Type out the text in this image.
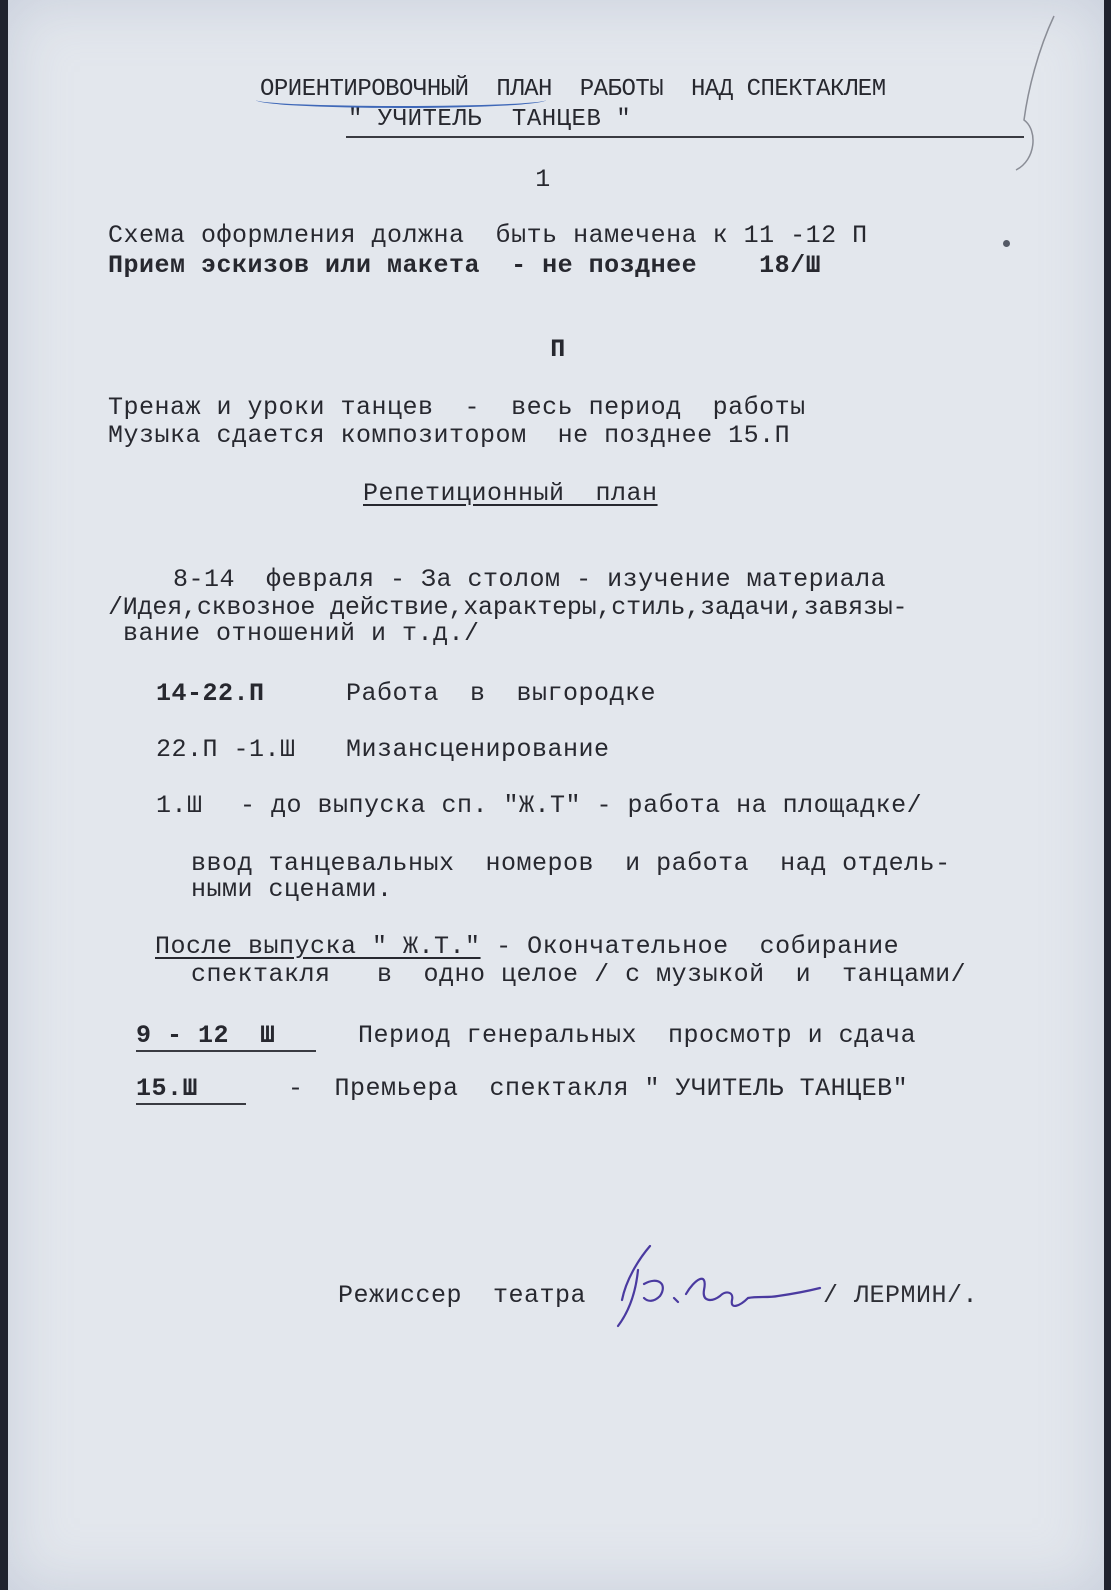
ОРИЕНТИРОВОЧНЫЙ  ПЛАН  РАБОТЫ  НАД СПЕКТАКЛЕМ
" УЧИТЕЛЬ  ТАНЦЕВ "
1
Схема оформления должна  быть намечена к 11 -12 П
Прием эскизов или макета  - не позднее    18/Ш
П
Тренаж и уроки танцев  -  весь период  работы
Музыка сдается композитором  не позднее 15.П
Репетиционный  план
8-14  февраля - За столом - изучение материала
/Идея,сквозное действие,характеры,стиль,задачи,завязы-
вание отношений и т.д./
14-22.П	Работа  в  выгородке
22.П -1.Ш Мизансценирование
1.Ш - до выпуска сп. "Ж.Т" - работа на площадке/
ввод танцевальных  номеров  и работа  над отдель-
ными сценами.
После выпуска " Ж.Т." - Окончательное  собирание
спектакля   в  одно целое / с музыкой  и  танцами/
9 - 12  Ш	Период генеральных  просмотр и сдача
15.Ш	-  Премьера  спектакля " УЧИТЕЛЬ ТАНЦЕВ"
Режиссер  театра	/ ЛЕРМИН/.
